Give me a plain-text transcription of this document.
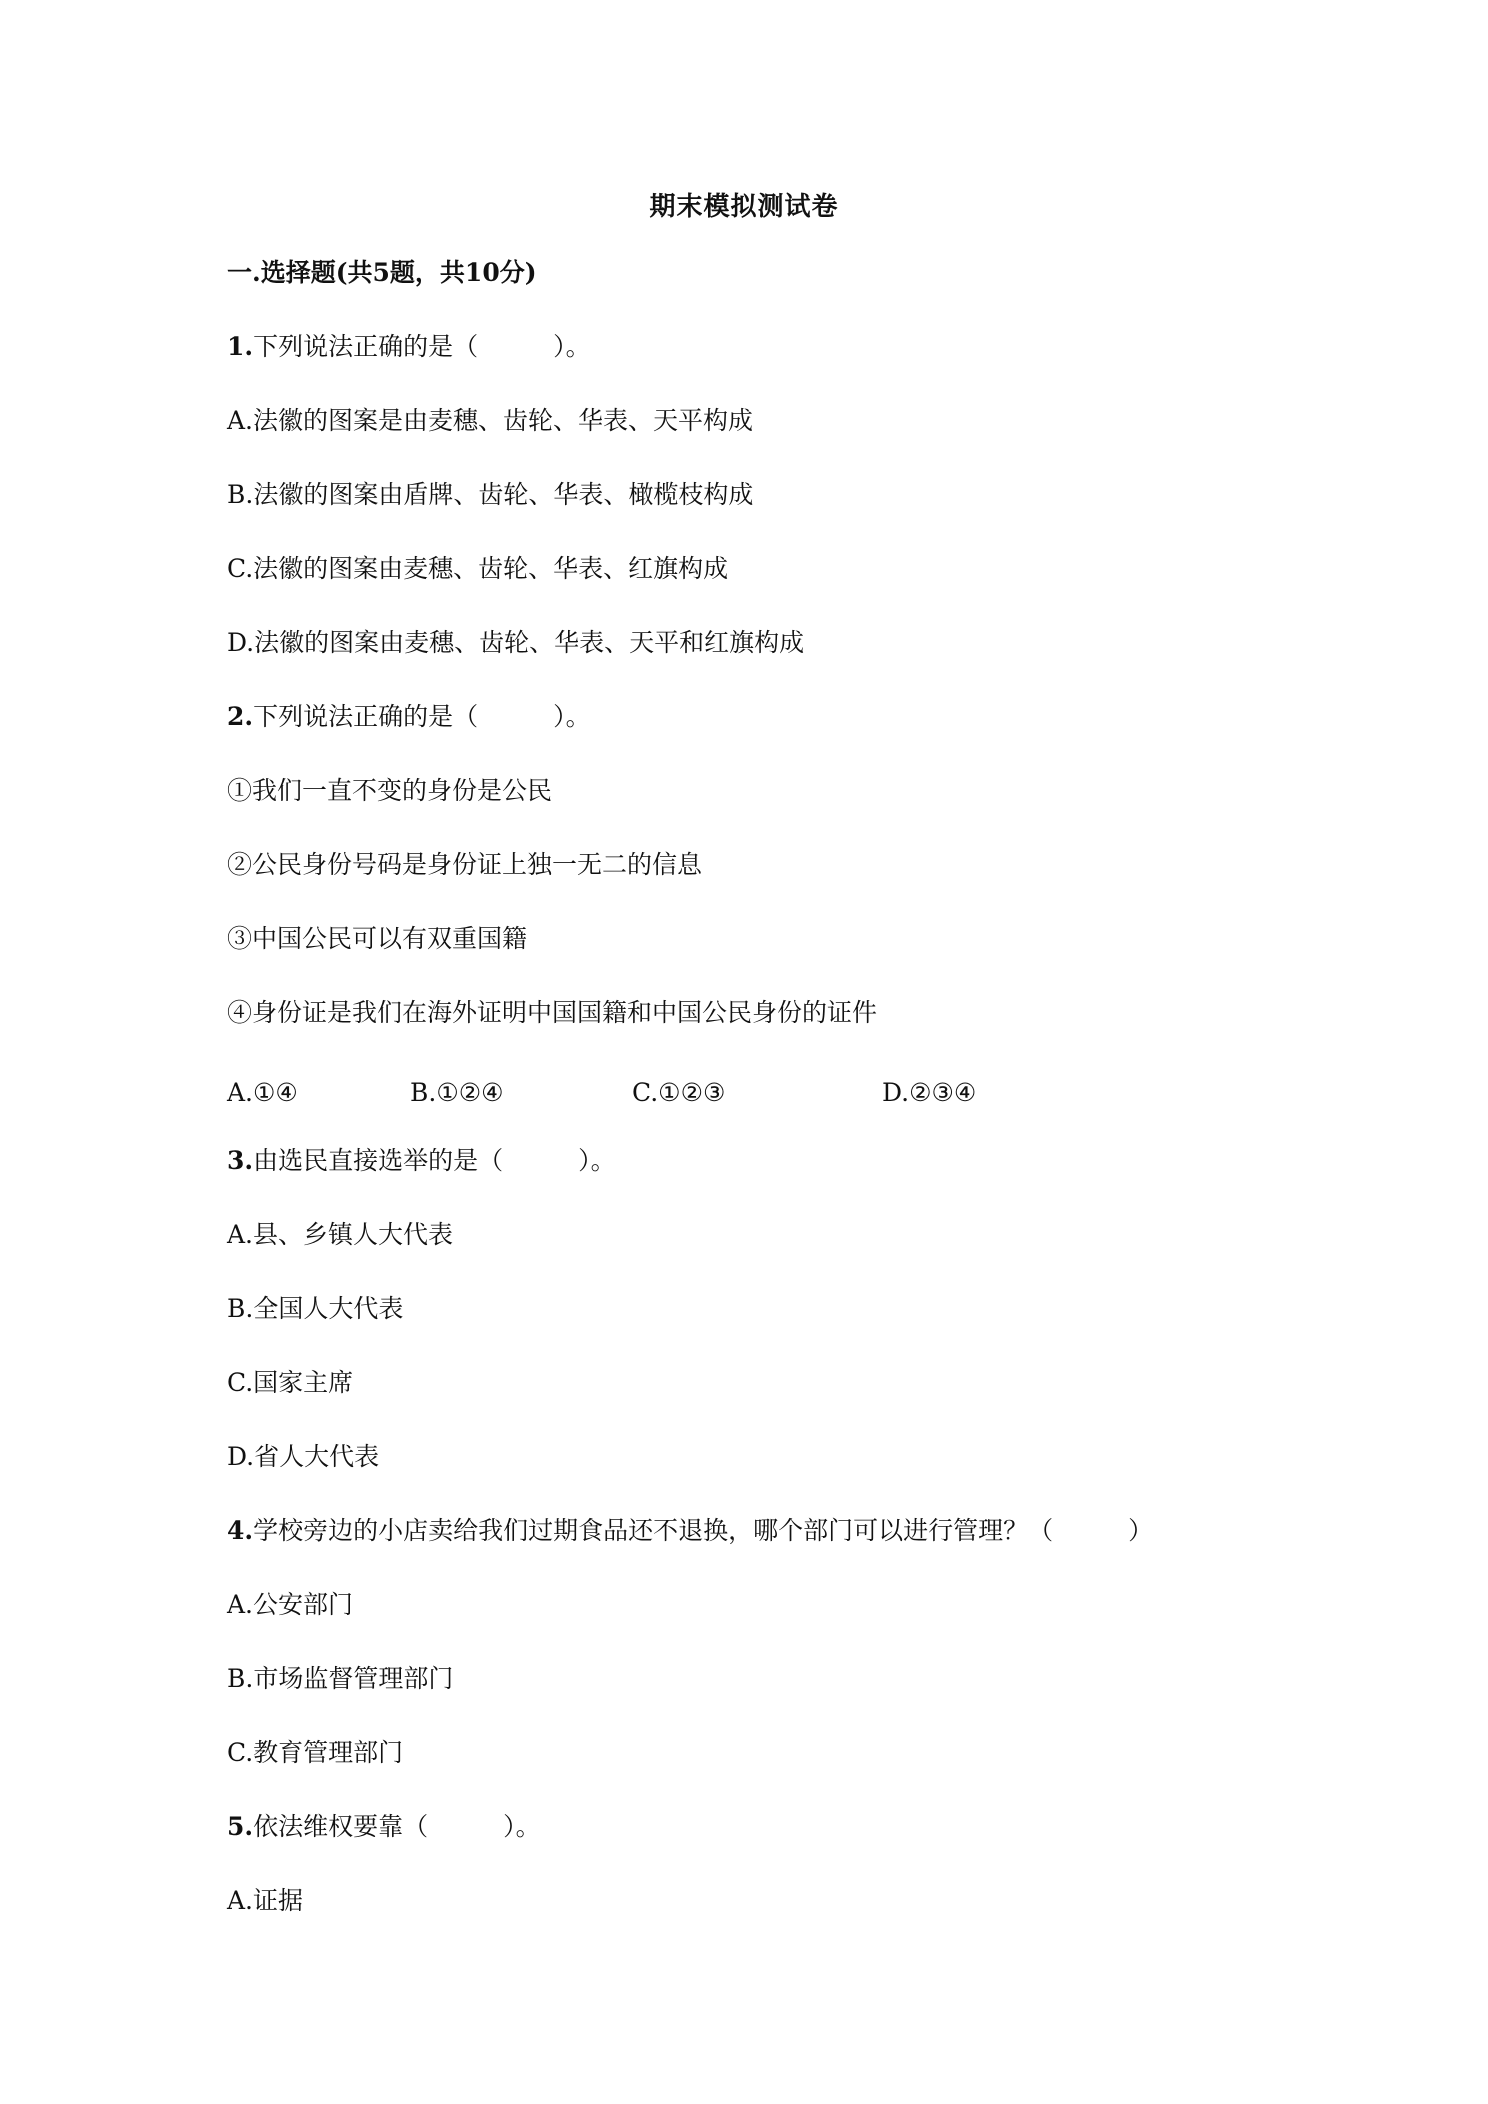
期末模拟测试卷
一.选择题(共5题，共10分)
1.下列说法正确的是（　　　）。
A.法徽的图案是由麦穗、齿轮、华表、天平构成
B.法徽的图案由盾牌、齿轮、华表、橄榄枝构成
C.法徽的图案由麦穗、齿轮、华表、红旗构成
D.法徽的图案由麦穗、齿轮、华表、天平和红旗构成
2.下列说法正确的是（　　　）。
①我们一直不变的身份是公民
②公民身份号码是身份证上独一无二的信息
③中国公民可以有双重国籍
④身份证是我们在海外证明中国国籍和中国公民身份的证件
A.①④	B.①②④	C.①②③	D.②③④
3.由选民直接选举的是（　　　）。
A.县、乡镇人大代表
B.全国人大代表
C.国家主席
D.省人大代表
4.学校旁边的小店卖给我们过期食品还不退换，哪个部门可以进行管理？（　　　）
A.公安部门
B.市场监督管理部门
C.教育管理部门
5.依法维权要靠（　　　）。
A.证据
